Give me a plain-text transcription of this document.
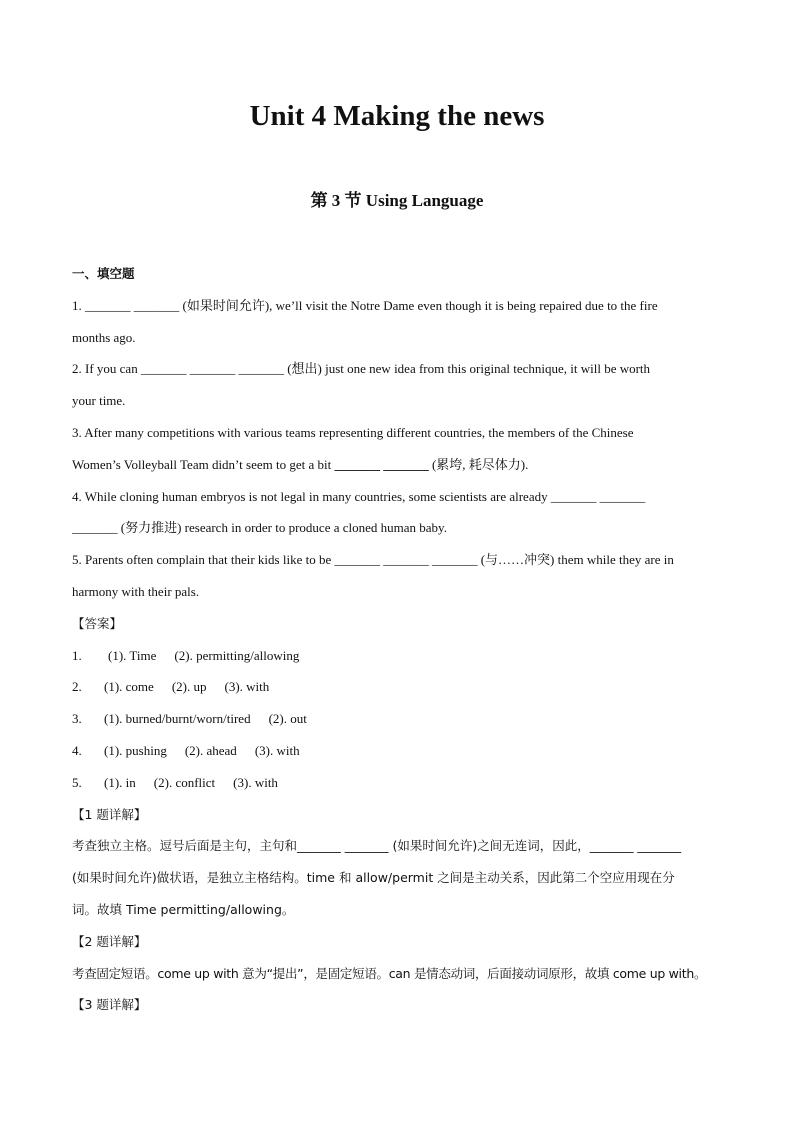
Unit 4 Making the news
第 3 节 Using Language
一、填空题
1. _______ _______ (如果时间允许), we’ll visit the Notre Dame even though it is being repaired due to the fire
months ago.
2. If you can _______ _______ _______ (想出) just one new idea from this original technique, it will be worth
your time.
3. After many competitions with various teams representing different countries, the members of the Chinese
Women’s Volleyball Team didn’t seem to get a bit _______ _______ (累垮, 耗尽体力).
4. While cloning human embryos is not legal in many countries, some scientists are already _______ _______
_______ (努力推进) research in order to produce a cloned human baby.
5. Parents often complain that their kids like to be _______ _______ _______ (与……冲突) them while they are in
harmony with their pals.
【答案】
1.	(1). Time (2). permitting/allowing
2.	(1). come (2). up (3). with
3.	(1). burned/burnt/worn/tired (2). out
4.	(1). pushing (2). ahead (3). with
5.	(1). in (2). conflict (3). with
【1 题详解】
考查独立主格。逗号后面是主句，主句和_______ _______ (如果时间允许)之间无连词，因此，_______ _______
(如果时间允许)做状语，是独立主格结构。time 和 allow/permit 之间是主动关系，因此第二个空应用现在分
词。故填 Time permitting/allowing。
【2 题详解】
考查固定短语。come up with 意为“提出”，是固定短语。can 是情态动词，后面接动词原形，故填 come up with。
【3 题详解】
